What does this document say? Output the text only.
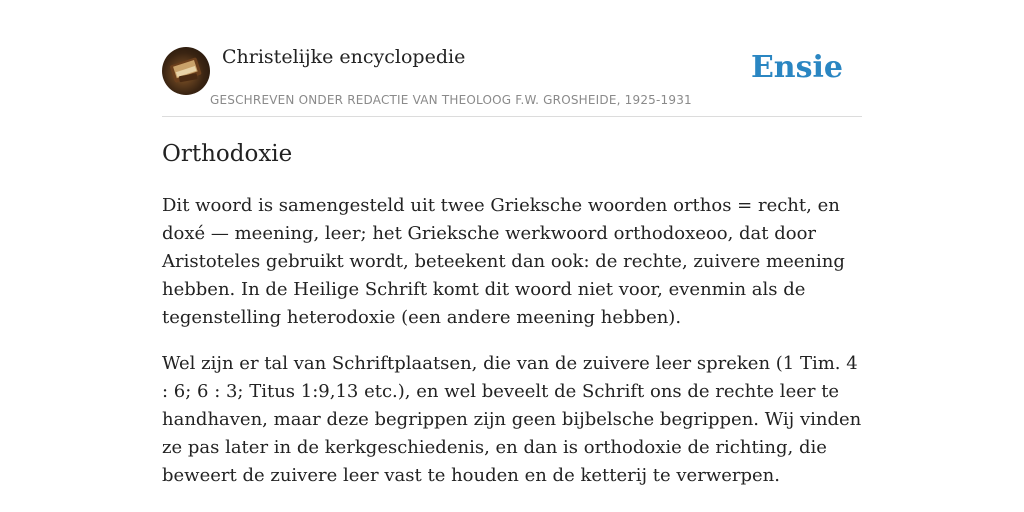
Christelijke encyclopedie
GESCHREVEN ONDER REDACTIE VAN THEOLOOG F.W. GROSHEIDE, 1925-1931
Ensie
Orthodoxie

Dit woord is samengesteld uit twee Grieksche woorden orthos = recht, en doxé — meening, leer; het Grieksche werkwoord orthodoxeoo, dat door Aristoteles gebruikt wordt, beteekent dan ook: de rechte, zuivere meening hebben. In de Heilige Schrift komt dit woord niet voor, evenmin als de tegenstelling heterodoxie (een andere meening hebben).

Wel zijn er tal van Schriftplaatsen, die van de zuivere leer spreken (1 Tim. 4 : 6; 6 : 3; Titus 1:9,13 etc.), en wel beveelt de Schrift ons de rechte leer te handhaven, maar deze begrippen zijn geen bijbelsche begrippen. Wij vinden ze pas later in de kerkgeschiedenis, en dan is orthodoxie de richting, die beweert de zuivere leer vast te houden en de ketterij te verwerpen.
